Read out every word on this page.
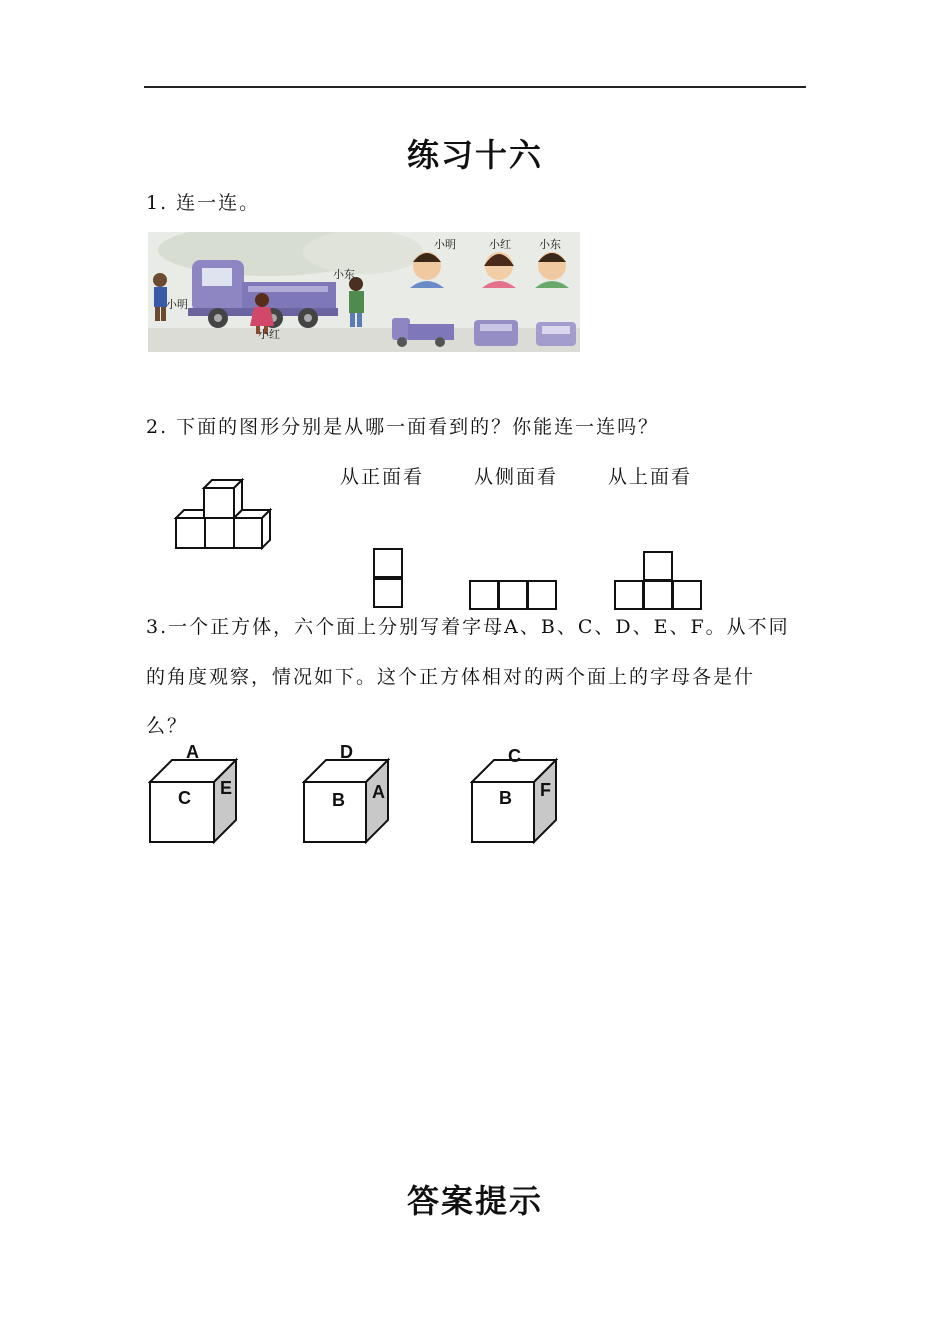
练习十六
1. 连一连。
小明	小红	小东
小东
小明
小红
2. 下面的图形分别是从哪一面看到的？你能连一连吗？
从正面看	从侧面看	从上面看
3.一个正方体，六个面上分别写着字母A、B、C、D、E、F。从不同
的角度观察，情况如下。这个正方体相对的两个面上的字母各是什
么？
A
C E
D
B A
C
B F
答案提示
